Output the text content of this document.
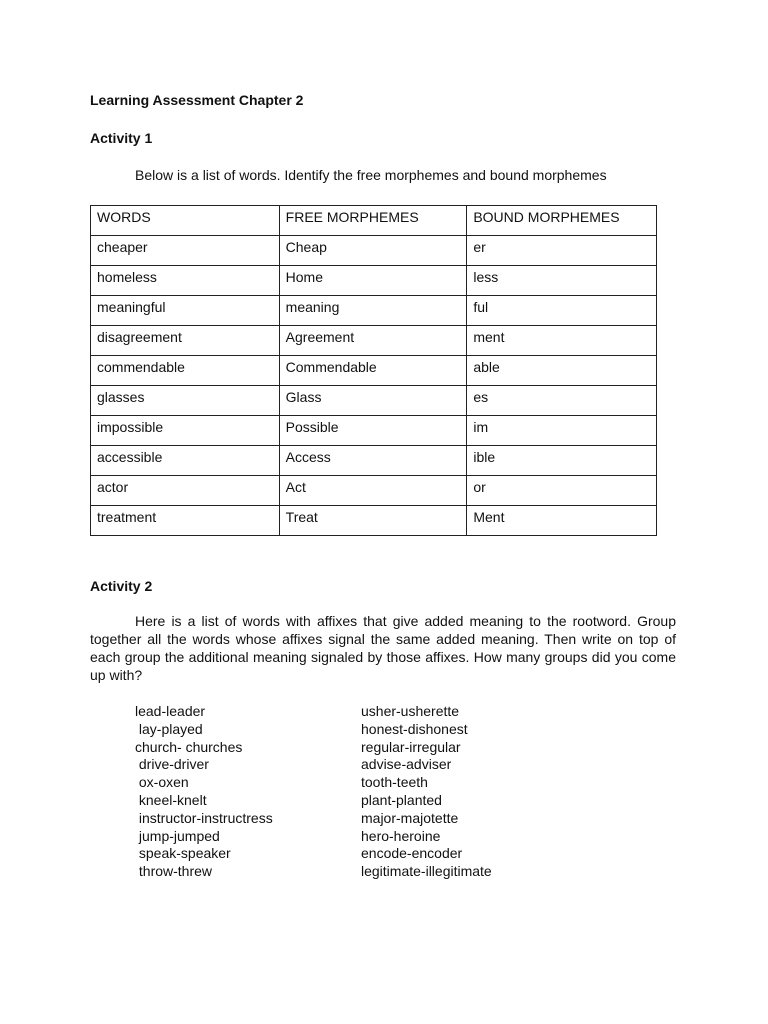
Learning Assessment Chapter 2
Activity 1

Below is a list of words. Identify the free morphemes and bound morphemes

WORDS	FREE MORPHEMES	BOUND MORPHEMES
cheaper	Cheap	er
homeless	Home	less
meaningful	meaning	ful
disagreement	Agreement	ment
commendable	Commendable	able
glasses	Glass	es
impossible	Possible	im
accessible	Access	ible
actor	Act	or
treatment	Treat	Ment
Activity 2

Here is a list of words with affixes that give added meaning to the rootword. Group together all the words whose affixes signal the same added meaning. Then write on top of each group the additional meaning signaled by those affixes. How many groups did you come up with?

lead-leader
lay-played
church- churches
drive-driver
ox-oxen
kneel-knelt
instructor-instructress
jump-jumped
speak-speaker
throw-threw
usher-usherette
honest-dishonest
regular-irregular
advise-adviser
tooth-teeth
plant-planted
major-majotette
hero-heroine
encode-encoder
legitimate-illegitimate
